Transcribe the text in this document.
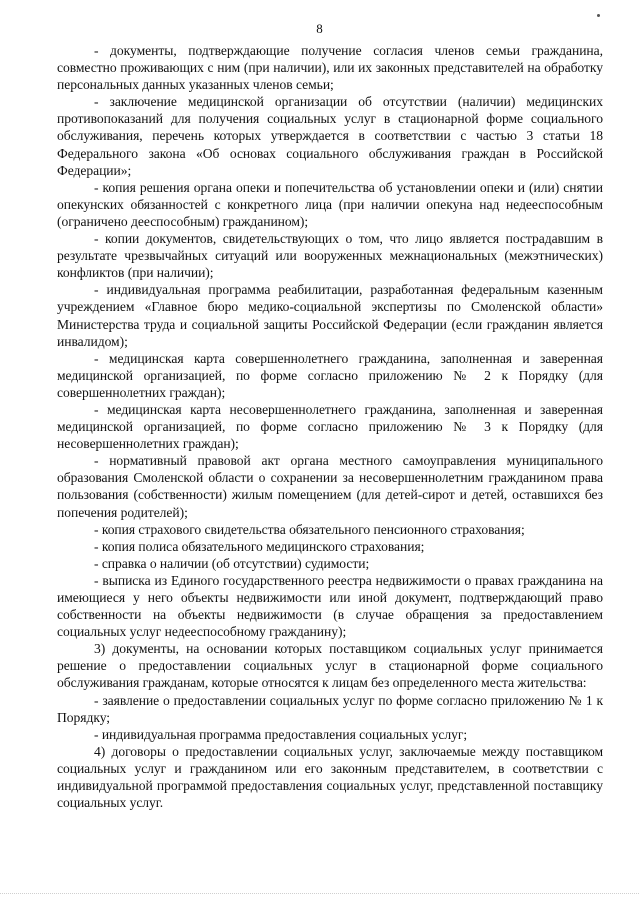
8

- документы, подтверждающие получение согласия членов семьи гражданина, совместно проживающих с ним (при наличии), или их законных представителей на обработку персональных данных указанных членов семьи;

- заключение медицинской организации об отсутствии (наличии) медицинских противопоказаний для получения социальных услуг в стационарной форме социального обслуживания, перечень которых утверждается в соответствии с частью 3 статьи 18 Федерального закона «Об основах социального обслуживания граждан в Российской Федерации»;

- копия решения органа опеки и попечительства об установлении опеки и (или) снятии опекунских обязанностей с конкретного лица (при наличии опекуна над недееспособным (ограничено дееспособным) гражданином);

- копии документов, свидетельствующих о том, что лицо является пострадавшим в результате чрезвычайных ситуаций или вооруженных межнациональных (межэтнических) конфликтов (при наличии);

- индивидуальная программа реабилитации, разработанная федеральным казенным учреждением «Главное бюро медико-социальной экспертизы по Смоленской области» Министерства труда и социальной защиты Российской Федерации (если гражданин является инвалидом);

- медицинская карта совершеннолетнего гражданина, заполненная и заверенная медицинской организацией, по форме согласно приложению № 2 к Порядку (для совершеннолетних граждан);

- медицинская карта несовершеннолетнего гражданина, заполненная и заверенная медицинской организацией, по форме согласно приложению № 3 к Порядку (для несовершеннолетних граждан);

- нормативный правовой акт органа местного самоуправления муниципального образования Смоленской области о сохранении за несовершеннолетним гражданином права пользования (собственности) жилым помещением (для детей-сирот и детей, оставшихся без попечения родителей);

- копия страхового свидетельства обязательного пенсионного страхования;

- копия полиса обязательного медицинского страхования;

- справка о наличии (об отсутствии) судимости;

- выписка из Единого государственного реестра недвижимости о правах гражданина на имеющиеся у него объекты недвижимости или иной документ, подтверждающий право собственности на объекты недвижимости (в случае обращения за предоставлением социальных услуг недееспособному гражданину);

3) документы, на основании которых поставщиком социальных услуг принимается решение о предоставлении социальных услуг в стационарной форме социального обслуживания гражданам, которые относятся к лицам без определенного места жительства:

- заявление о предоставлении социальных услуг по форме согласно приложению № 1 к Порядку;

- индивидуальная программа предоставления социальных услуг;

4) договоры о предоставлении социальных услуг, заключаемые между поставщиком социальных услуг и гражданином или его законным представителем, в соответствии с индивидуальной программой предоставления социальных услуг, представленной поставщику социальных услуг.
